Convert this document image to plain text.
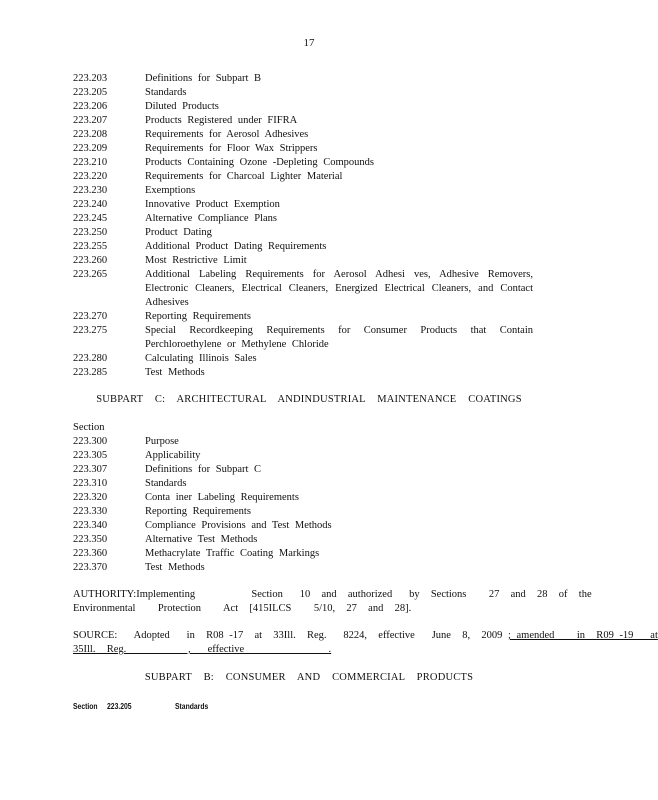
17
223.203	Definitions for Subpart B
223.205	Standards
223.206	Diluted Products
223.207	Products Registered under FIFRA
223.208	Requirements for Aerosol Adhesives
223.209	Requirements for Floor Wax Strippers
223.210	Products Containing Ozone -Depleting Compounds
223.220	Requirements for Charcoal Lighter Material
223.230	Exemptions
223.240	Innovative Product Exemption
223.245	Alternative Compliance Plans
223.250	Product Dating
223.255	Additional Product Dating Requirements
223.260	Most Restrictive Limit
223.265	Additional Labeling Requirements for Aerosol Adhesi ves, Adhesive Removers, Electronic Cleaners, Electrical Cleaners, Energized Electrical Cleaners, and Contact Adhesives
223.270	Reporting Requirements
223.275	Special Recordkeeping Requirements for Consumer Products that Contain Perchloroethylene or Methylene Chloride
223.280	Calculating Illinois Sales
223.285	Test Methods
SUBPART C: ARCHITECTURAL ANDINDUSTRIAL MAINTENANCE COATINGS
Section
223.300	Purpose
223.305	Applicability
223.307	Definitions for Subpart C
223.310	Standards
223.320	Conta iner Labeling Requirements
223.330	Reporting Requirements
223.340	Compliance Provisions and Test Methods
223.350	Alternative Test Methods
223.360	Methacrylate Traffic Coating Markings
223.370	Test Methods
AUTHORITY:Implementing          Section   10  and  authorized   by  Sections    27  and  28  of  the
Environmental    Protection    Act  [415ILCS    5/10,  27  and  28].
SOURCE:   Adopted   in  R08 -17  at  33Ill.  Reg.   8224,  effective   June  8,  2009 ; amended    in  R09 -19   at
35Ill.  Reg.           ,   effective               .
SUBPART B: CONSUMER AND COMMERCIAL PRODUCTS
Section 223.205	Standards
